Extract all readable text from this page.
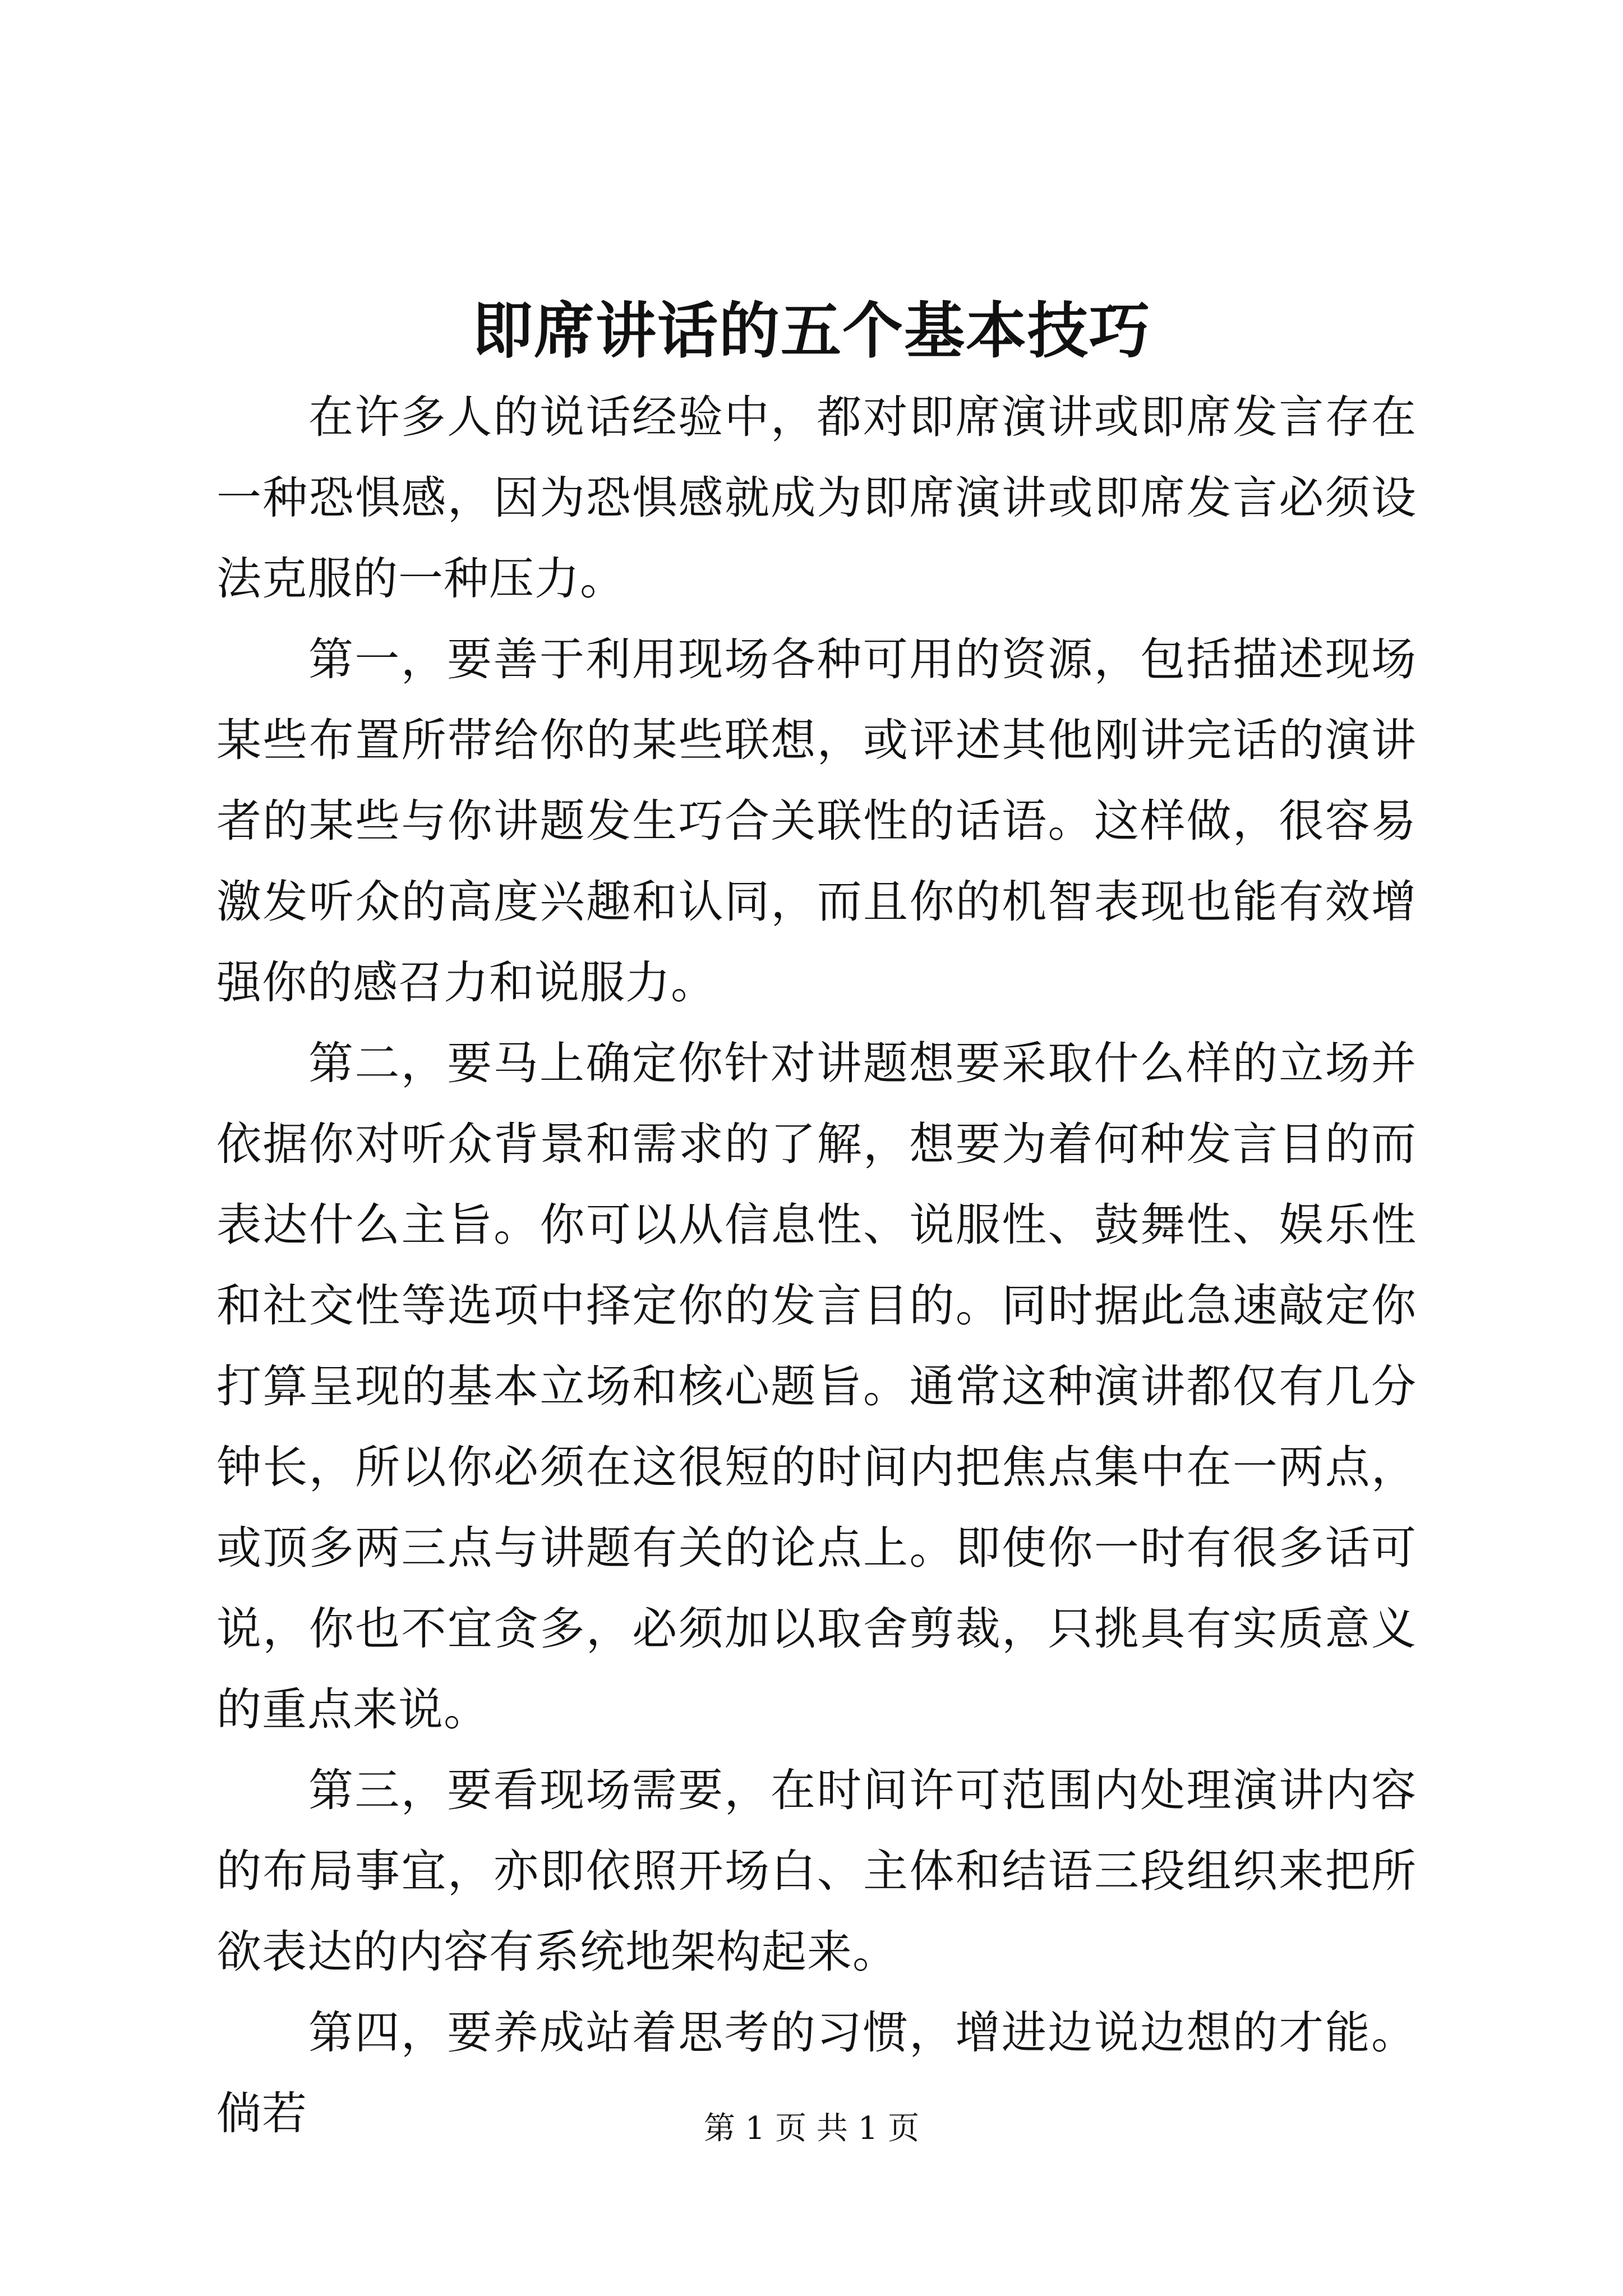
即席讲话的五个基本技巧

在许多人的说话经验中，都对即席演讲或即席发言存在一种恐惧感，因为恐惧感就成为即席演讲或即席发言必须设法克服的一种压力。

第一，要善于利用现场各种可用的资源，包括描述现场某些布置所带给你的某些联想，或评述其他刚讲完话的演讲者的某些与你讲题发生巧合关联性的话语。这样做，很容易激发听众的高度兴趣和认同，而且你的机智表现也能有效增强你的感召力和说服力。

第二，要马上确定你针对讲题想要采取什么样的立场并依据你对听众背景和需求的了解，想要为着何种发言目的而表达什么主旨。你可以从信息性、说服性、鼓舞性、娱乐性和社交性等选项中择定你的发言目的。同时据此急速敲定你打算呈现的基本立场和核心题旨。通常这种演讲都仅有几分钟长，所以你必须在这很短的时间内把焦点集中在一两点，或顶多两三点与讲题有关的论点上。即使你一时有很多话可说，你也不宜贪多，必须加以取舍剪裁，只挑具有实质意义的重点来说。

第三，要看现场需要，在时间许可范围内处理演讲内容的布局事宜，亦即依照开场白、主体和结语三段组织来把所欲表达的内容有系统地架构起来。

第四，要养成站着思考的习惯，增进边说边想的才能。倘若	第 1 页 共 1 页
